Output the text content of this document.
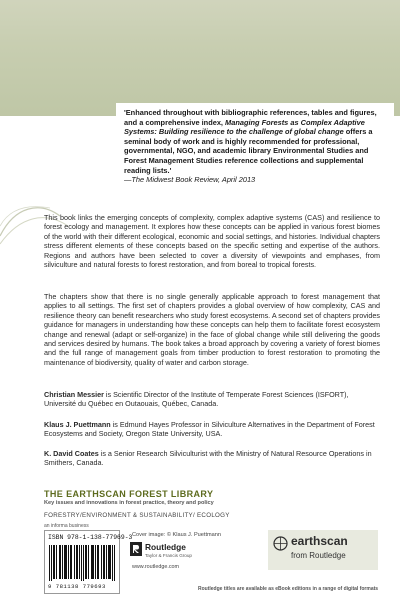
'Enhanced throughout with bibliographic references, tables and figures, and a comprehensive index, Managing Forests as Complex Adaptive Systems: Building resilience to the challenge of global change offers a seminal body of work and is highly recommended for professional, governmental, NGO, and academic library Environmental Studies and Forest Management Studies reference collections and supplemental reading lists.'
—The Midwest Book Review, April 2013

This book links the emerging concepts of complexity, complex adaptive systems (CAS) and resilience to forest ecology and management. It explores how these concepts can be applied in various forest biomes of the world with their different ecological, economic and social settings, and histories. Individual chapters stress different elements of these concepts based on the specific setting and expertise of the authors. Regions and authors have been selected to cover a diversity of viewpoints and emphases, from silviculture and natural forests to forest restoration, and from boreal to tropical forests.

The chapters show that there is no single generally applicable approach to forest management that applies to all settings. The first set of chapters provides a global overview of how complexity, CAS and resilience theory can benefit researchers who study forest ecosystems. A second set of chapters provides guidance for managers in understanding how these concepts can help them to facilitate forest ecosystem change and renewal (adapt or self-organize) in the face of global change while still delivering the goods and services desired by humans. The book takes a broad approach by covering a variety of forest biomes and the full range of management goals from timber production to forest restoration to promoting the maintenance of biodiversity, quality of water and carbon storage.

Christian Messier is Scientific Director of the Institute of Temperate Forest Sciences (ISFORT), Université du Québec en Outaouais, Québec, Canada.

Klaus J. Puettmann is Edmund Hayes Professor in Silviculture Alternatives in the Department of Forest Ecosystems and Society, Oregon State University, USA.

K. David Coates is a Senior Research Silviculturist with the Ministry of Natural Resource Operations in Smithers, Canada.

THE EARTHSCAN FOREST LIBRARY

Key issues and innovations in forest practice, theory and policy

FORESTRY/ENVIRONMENT & SUSTAINABILITY/ ECOLOGY

an informa business
ISBN 978-1-138-77969-3
9 781138 779693
Cover image: © Klaus J. Puettmann
Routledge
Taylor & Francis Group
www.routledge.com
earthscan
from Routledge
Routledge titles are available as eBook editions in a range of digital formats
